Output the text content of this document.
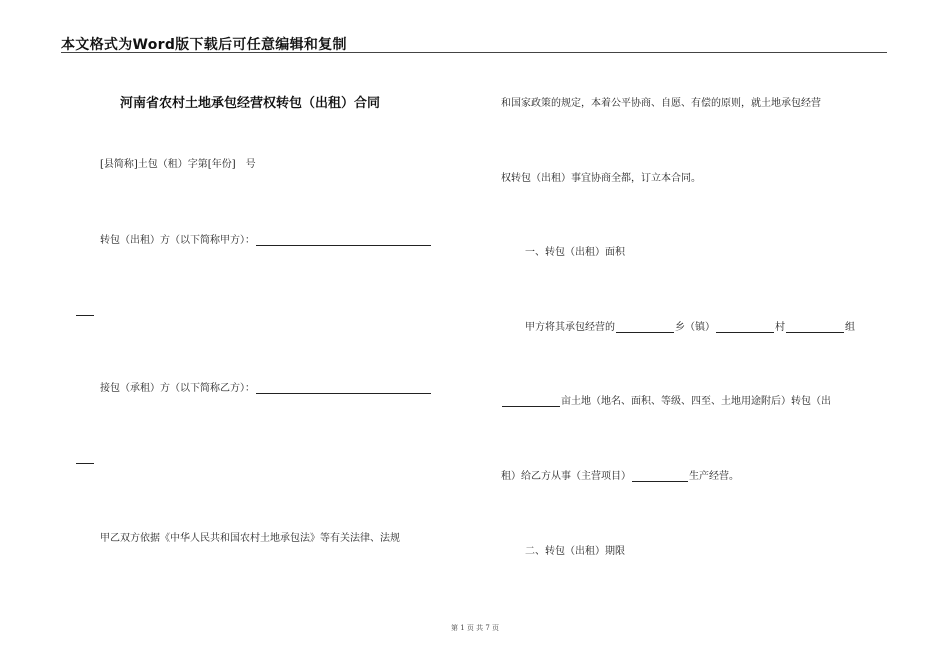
本文格式为Word版下载后可任意编辑和复制
河南省农村土地承包经营权转包（出租）合同
[县简称]土包（租）字第[年份]　号
转包（出租）方（以下简称甲方）：
接包（承租）方（以下简称乙方）：
甲乙双方依据《中华人民共和国农村土地承包法》等有关法律、法规
和国家政策的规定，本着公平协商、自愿、有偿的原则，就土地承包经营
权转包（出租）事宜协商全都，订立本合同。
一、转包（出租）面积
甲方将其承包经营的	乡（镇）	村	组
亩土地（地名、面积、等级、四至、土地用途附后）转包（出
租）给乙方从事（主营项目）	生产经营。
二、转包（出租）期限
第 1 页 共 7 页
